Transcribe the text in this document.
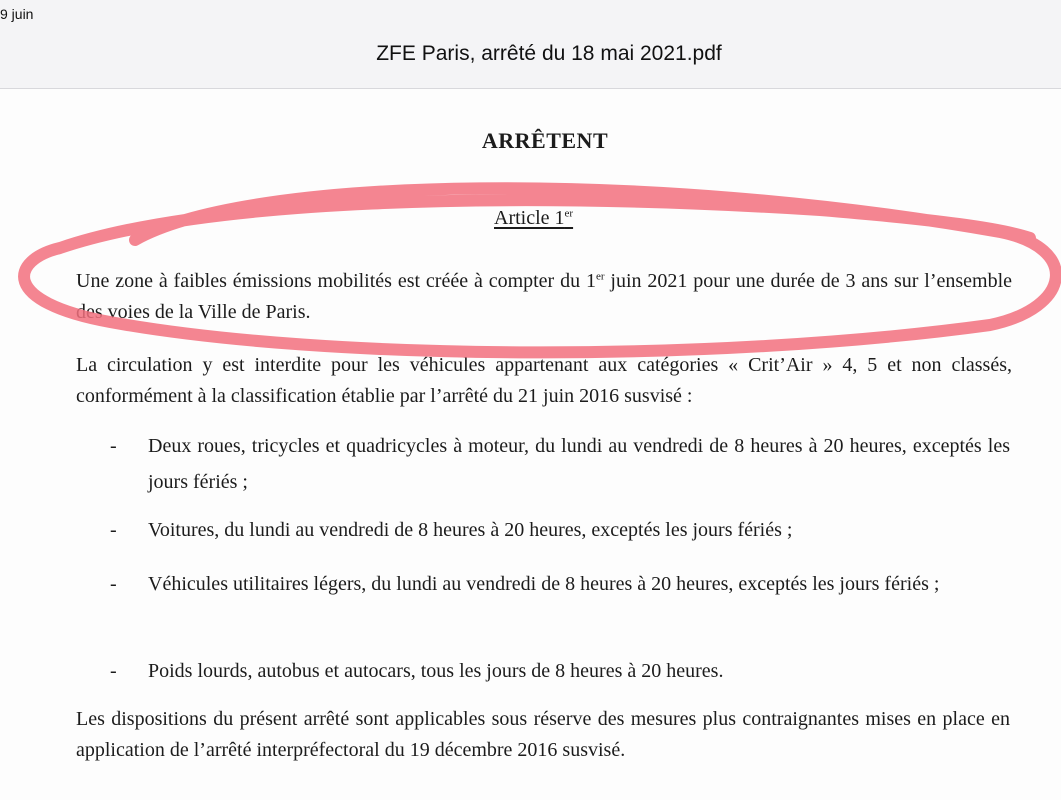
ZFE Paris, arrêté du 18 mai 2021.pdf
9 juin
ARRÊTENT
Article 1er

Une zone à faibles émissions mobilités est créée à compter du 1er juin 2021 pour une durée de 3 ans sur l’ensemble des voies de la Ville de Paris.

La circulation y est interdite pour les véhicules appartenant aux catégories « Crit’Air » 4, 5 et non classés, conformément à la classification établie par l’arrêté du 21 juin 2016 susvisé :

- Deux roues, tricycles et quadricycles à moteur, du lundi au vendredi de 8 heures à 20 heures, exceptés les jours fériés ;

- Voitures, du lundi au vendredi de 8 heures à 20 heures, exceptés les jours fériés ;

- Véhicules utilitaires légers, du lundi au vendredi de 8 heures à 20 heures, exceptés les jours fériés ;

- Poids lourds, autobus et autocars, tous les jours de 8 heures à 20 heures.

Les dispositions du présent arrêté sont applicables sous réserve des mesures plus contraignantes mises en place en application de l’arrêté interpréfectoral du 19 décembre 2016 susvisé.
